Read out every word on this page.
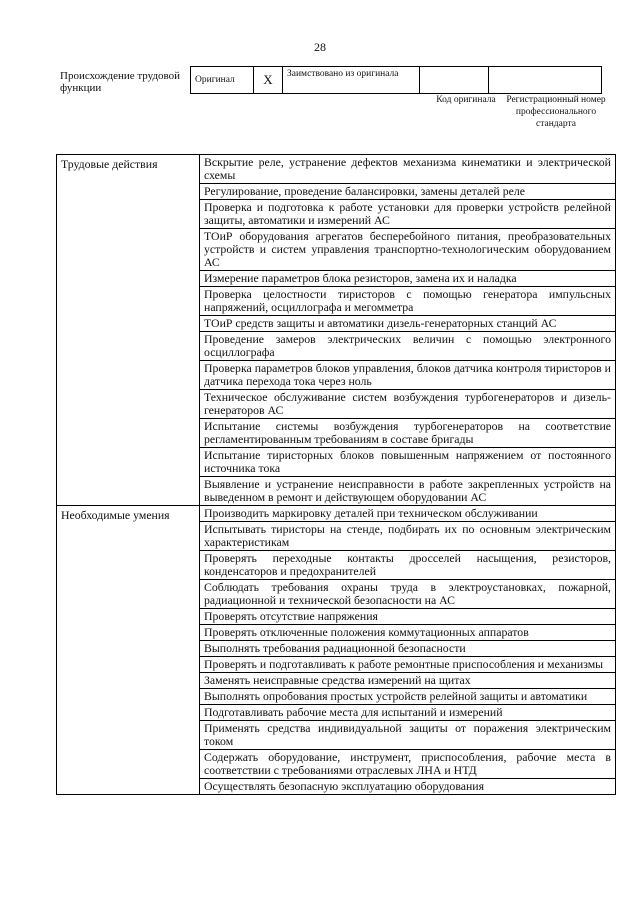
28
Происхождение трудовой функции
Оригинал	X	Заимствовано из оригинала		
Код оригинала Регистрационный номер профессионального стандарта
Трудовые действия	Вскрытие реле, устранение дефектов механизма кинематики и электрической схемы
	Регулирование, проведение балансировки, замены деталей реле
	Проверка и подготовка к работе установки для проверки устройств релейной защиты, автоматики и измерений АС
	ТОиР оборудования агрегатов бесперебойного питания, преобразовательных устройств и систем управления транспортно-технологическим оборудованием АС
	Измерение параметров блока резисторов, замена их и наладка
	Проверка целостности тиристоров с помощью генератора импульсных напряжений, осциллографа и мегомметра
	ТОиР средств защиты и автоматики дизель-генераторных станций АС
	Проведение замеров электрических величин с помощью электронного осциллографа
	Проверка параметров блоков управления, блоков датчика контроля тиристоров и датчика перехода тока через ноль
	Техническое обслуживание систем возбуждения турбогенераторов и дизель-генераторов АС
	Испытание системы возбуждения турбогенераторов на соответствие регламентированным требованиям в составе бригады
	Испытание тиристорных блоков повышенным напряжением от постоянного источника тока
	Выявление и устранение неисправности в работе закрепленных устройств на выведенном в ремонт и действующем оборудовании АС
Необходимые умения	Производить маркировку деталей при техническом обслуживании
	Испытывать тиристоры на стенде, подбирать их по основным электрическим характеристикам
	Проверять переходные контакты дросселей насыщения, резисторов, конденсаторов и предохранителей
	Соблюдать требования охраны труда в электроустановках, пожарной, радиационной и технической безопасности на АС
	Проверять отсутствие напряжения
	Проверять отключенные положения коммутационных аппаратов
	Выполнять требования радиационной безопасности
	Проверять и подготавливать к работе ремонтные приспособления и механизмы
	Заменять неисправные средства измерений на щитах
	Выполнять опробования простых устройств релейной защиты и автоматики
	Подготавливать рабочие места для испытаний и измерений
	Применять средства индивидуальной защиты от поражения электрическим током
	Содержать оборудование, инструмент, приспособления, рабочие места в соответствии с требованиями отраслевых ЛНА и НТД
	Осуществлять безопасную эксплуатацию оборудования
